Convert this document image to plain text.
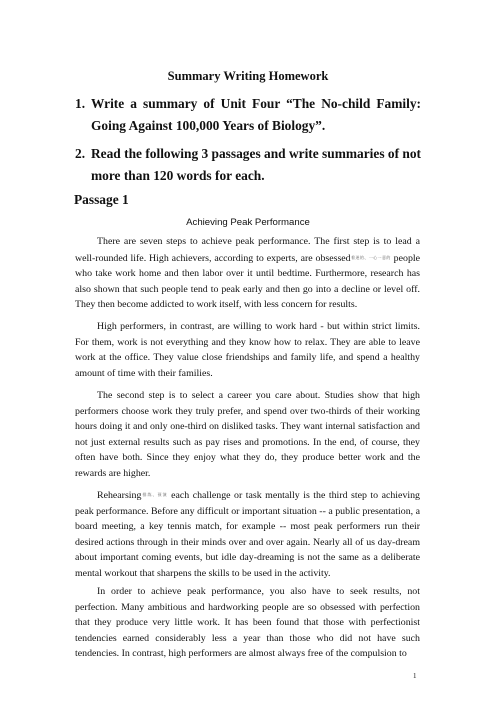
Summary Writing Homework
1. Write a summary of Unit Four “The No-child Family: Going Against 100,000 Years of Biology”.
2. Read the following 3 passages and write summaries of not more than 120 words for each.
Passage 1
Achieving Peak Performance

There are seven steps to achieve peak performance. The first step is to lead a well-rounded life. High achievers, according to experts, are obsessed$^{着迷的、一心一意的}$ people who take work home and then labor over it until bedtime. Furthermore, research has also shown that such people tend to peak early and then go into a decline or level off. They then become addicted to work itself, with less concern for results.

High performers, in contrast, are willing to work hard - but within strict limits. For them, work is not everything and they know how to relax. They are able to leave work at the office. They value close friendships and family life, and spend a healthy amount of time with their families.

The second step is to select a career you care about. Studies show that high performers choose work they truly prefer, and spend over two-thirds of their working hours doing it and only one-third on disliked tasks. They want internal satisfaction and not just external results such as pay rises and promotions. In the end, of course, they often have both. Since they enjoy what they do, they produce better work and the rewards are higher.

Rehearsing$^{排练、预演}$ each challenge or task mentally is the third step to achieving peak performance. Before any difficult or important situation -- a public presentation, a board meeting, a key tennis match, for example -- most peak performers run their desired actions through in their minds over and over again. Nearly all of us day-dream about important coming events, but idle day-dreaming is not the same as a deliberate mental workout that sharpens the skills to be used in the activity.

In order to achieve peak performance, you also have to seek results, not perfection. Many ambitious and hardworking people are so obsessed with perfection that they produce very little work. It has been found that those with perfectionist tendencies earned considerably less a year than those who did not have such tendencies. In contrast, high performers are almost always free of the compulsion to

1
